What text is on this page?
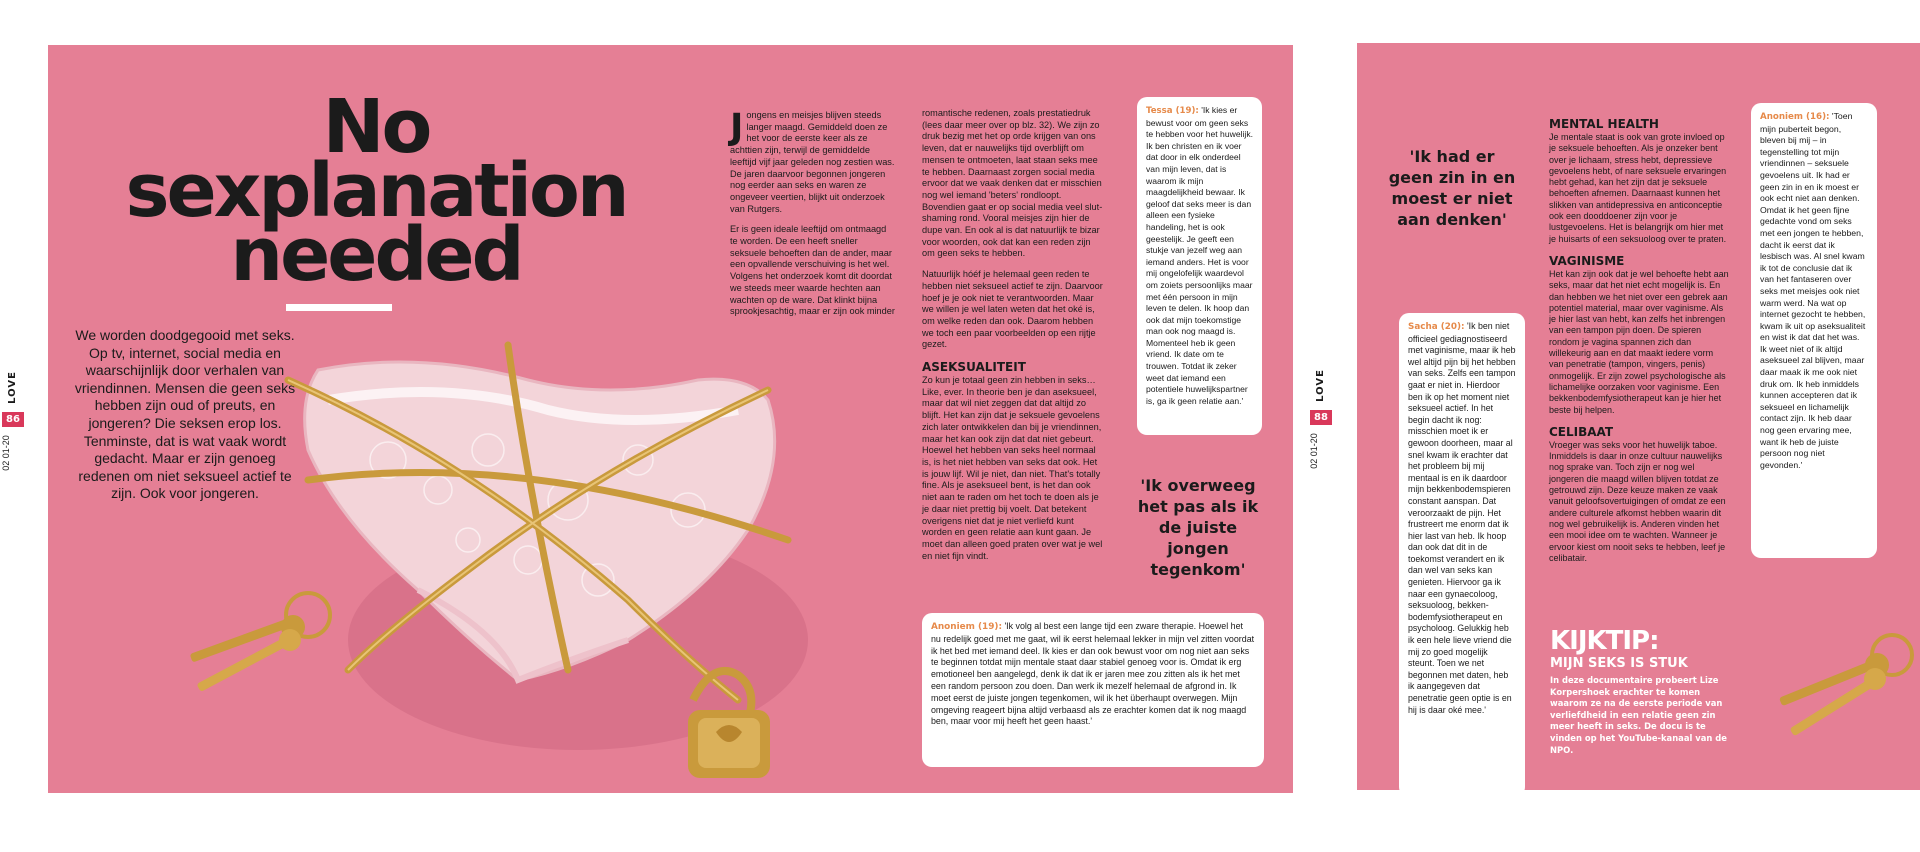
No
sexplanation
needed
We worden doodgegooid met seks. Op tv, internet, social media en waarschijnlijk door verhalen van vriendinnen. Mensen die geen seks hebben zijn oud of preuts, en jongeren? Die seksen erop los. Tenminste, dat is wat vaak wordt gedacht. Maar er zijn genoeg redenen om niet seksueel actief te zijn. Ook voor jongeren.

Jongens en meisjes blijven steeds langer maagd. Gemiddeld doen ze het voor de eerste keer als ze achttien zijn, terwijl de gemiddelde leeftijd vijf jaar geleden nog zestien was. De jaren daarvoor begonnen jongeren nog eerder aan seks en waren ze ongeveer veertien, blijkt uit onderzoek van Rutgers.

Er is geen ideale leeftijd om ontmaagd te worden. De een heeft sneller seksuele behoeften dan de ander, maar een opvallende verschuiving is het wel. Volgens het onderzoek komt dit doordat we steeds meer waarde hechten aan wachten op de ware. Dat klinkt bijna sprookjesachtig, maar er zijn ook minder

romantische redenen, zoals prestatiedruk (lees daar meer over op blz. 32). We zijn zo druk bezig met het op orde krijgen van ons leven, dat er nauwelijks tijd overblijft om mensen te ontmoeten, laat staan seks mee te hebben. Daarnaast zorgen social media ervoor dat we vaak denken dat er misschien nog wel iemand 'beters' rondloopt. Bovendien gaat er op social media veel slut-shaming rond. Vooral meisjes zijn hier de dupe van. En ook al is dat natuurlijk te bizar voor woorden, ook dat kan een reden zijn om geen seks te hebben.

Natuurlijk hóéf je helemaal geen reden te hebben niet seksueel actief te zijn. Daarvoor hoef je je ook niet te verantwoorden. Maar we willen je wel laten weten dat het oké is, om welke reden dan ook. Daarom hebben we toch een paar voorbeelden op een rijtje gezet.

ASEKSUALITEIT

Zo kun je totaal geen zin hebben in seks… Like, ever. In theorie ben je dan aseksueel, maar dat wil niet zeggen dat dat altijd zo blijft. Het kan zijn dat je seksuele gevoelens zich later ontwikkelen dan bij je vriendinnen, maar het kan ook zijn dat dat niet gebeurt. Hoewel het hebben van seks heel normaal is, is het niet hebben van seks dat ook. Het is jouw lijf. Wil je niet, dan niet. That's totally fine. Als je aseksueel bent, is het dan ook niet aan te raden om het toch te doen als je je daar niet prettig bij voelt. Dat betekent overigens niet dat je niet verliefd kunt worden en geen relatie aan kunt gaan. Je moet dan alleen goed praten over wat je wel en niet fijn vindt.

Tessa (19): 'Ik kies er bewust voor om geen seks te hebben voor het huwelijk. Ik ben christen en ik voer dat door in elk onderdeel van mijn leven, dat is waarom ik mijn maagdelijkheid bewaar. Ik geloof dat seks meer is dan alleen een fysieke handeling, het is ook geestelijk. Je geeft een stukje van jezelf weg aan iemand anders. Het is voor mij ongelofelijk waardevol om zoiets persoonlijks maar met één persoon in mijn leven te delen. Ik hoop dan ook dat mijn toekomstige man ook nog maagd is. Momenteel heb ik geen vriend. Ik date om te trouwen. Totdat ik zeker weet dat iemand een potentiele huwelijkspartner is, ga ik geen relatie aan.'
'Ik overweeg het pas als ik de juiste jongen tegenkom'
Anoniem (19): 'Ik volg al best een lange tijd een zware therapie. Hoewel het nu redelijk goed met me gaat, wil ik eerst helemaal lekker in mijn vel zitten voordat ik het bed met iemand deel. Ik kies er dan ook bewust voor om nog niet aan seks te beginnen totdat mijn mentale staat daar stabiel genoeg voor is. Omdat ik erg emotioneel ben aangelegd, denk ik dat ik er jaren mee zou zitten als ik het met een random persoon zou doen. Dan werk ik mezelf helemaal de afgrond in. Ik moet eerst de juiste jongen tegenkomen, wil ik het überhaupt overwegen. Mijn omgeving reageert bijna altijd verbaasd als ze erachter komen dat ik nog maagd ben, maar voor mij heeft het geen haast.'
LOVE
86
02 01-20
'Ik had er geen zin in en moest er niet aan denken'
Sacha (20): 'Ik ben niet officieel gediagnostiseerd met vaginisme, maar ik heb wel altijd pijn bij het hebben van seks. Zelfs een tampon gaat er niet in. Hierdoor ben ik op het moment niet seksueel actief. In het begin dacht ik nog: misschien moet ik er gewoon doorheen, maar al snel kwam ik erachter dat het probleem bij mij mentaal is en ik daardoor mijn bekkenbodemspieren constant aanspan. Dat veroorzaakt de pijn. Het frustreert me enorm dat ik hier last van heb. Ik hoop dan ook dat dit in de toekomst verandert en ik dan wel van seks kan genieten. Hiervoor ga ik naar een gynaecoloog, seksuoloog, bekkenbodemfysiotherapeut en psycholoog. Gelukkig heb ik een hele lieve vriend die mij zo goed mogelijk steunt. Toen we net begonnen met daten, heb ik aangegeven dat penetratie geen optie is en hij is daar oké mee.'
MENTAL HEALTH

Je mentale staat is ook van grote invloed op je seksuele behoeften. Als je onzeker bent over je lichaam, stress hebt, depressieve gevoelens hebt, of nare seksuele ervaringen hebt gehad, kan het zijn dat je seksuele behoeften afnemen. Daarnaast kunnen het slikken van antidepressiva en anticonceptie ook een dooddoener zijn voor je lustgevoelens. Het is belangrijk om hier met je huisarts of een seksuoloog over te praten.

VAGINISME

Het kan zijn ook dat je wel behoefte hebt aan seks, maar dat het niet echt mogelijk is. En dan hebben we het niet over een gebrek aan potentiel material, maar over vaginisme. Als je hier last van hebt, kan zelfs het inbrengen van een tampon pijn doen. De spieren rondom je vagina spannen zich dan willekeurig aan en dat maakt iedere vorm van penetratie (tampon, vingers, penis) onmogelijk. Er zijn zowel psychologische als lichamelijke oorzaken voor vaginisme. Een bekkenbodemfysiotherapeut kan je hier het beste bij helpen.

CELIBAAT

Vroeger was seks voor het huwelijk taboe. Inmiddels is daar in onze cultuur nauwelijks nog sprake van. Toch zijn er nog wel jongeren die maagd willen blijven totdat ze getrouwd zijn. Deze keuze maken ze vaak vanuit geloofsovertuigingen of omdat ze een andere culturele afkomst hebben waarin dit nog wel gebruikelijk is. Anderen vinden het een mooi idee om te wachten. Wanneer je ervoor kiest om nooit seks te hebben, leef je celibatair.

Anoniem (16): 'Toen mijn puberteit begon, bleven bij mij – in tegenstelling tot mijn vriendinnen – seksuele gevoelens uit. Ik had er geen zin in en ik moest er ook echt niet aan denken. Omdat ik het geen fijne gedachte vond om seks met een jongen te hebben, dacht ik eerst dat ik lesbisch was. Al snel kwam ik tot de conclusie dat ik van het fantaseren over seks met meisjes ook niet warm werd. Na wat op internet gezocht te hebben, kwam ik uit op aseksualiteit en wist ik dat dat het was. Ik weet niet of ik altijd aseksueel zal blijven, maar daar maak ik me ook niet druk om. Ik heb inmiddels kunnen accepteren dat ik seksueel en lichamelijk contact zijn. Ik heb daar nog geen ervaring mee, want ik heb de juiste persoon nog niet gevonden.'
LOVE
88
02 01-20
KIJKTIP:
MIJN SEKS IS STUK
In deze documentaire probeert Lize Korpershoek erachter te komen waarom ze na de eerste periode van verliefdheid in een relatie geen zin meer heeft in seks. De docu is te vinden op het YouTube-kanaal van de NPO.
